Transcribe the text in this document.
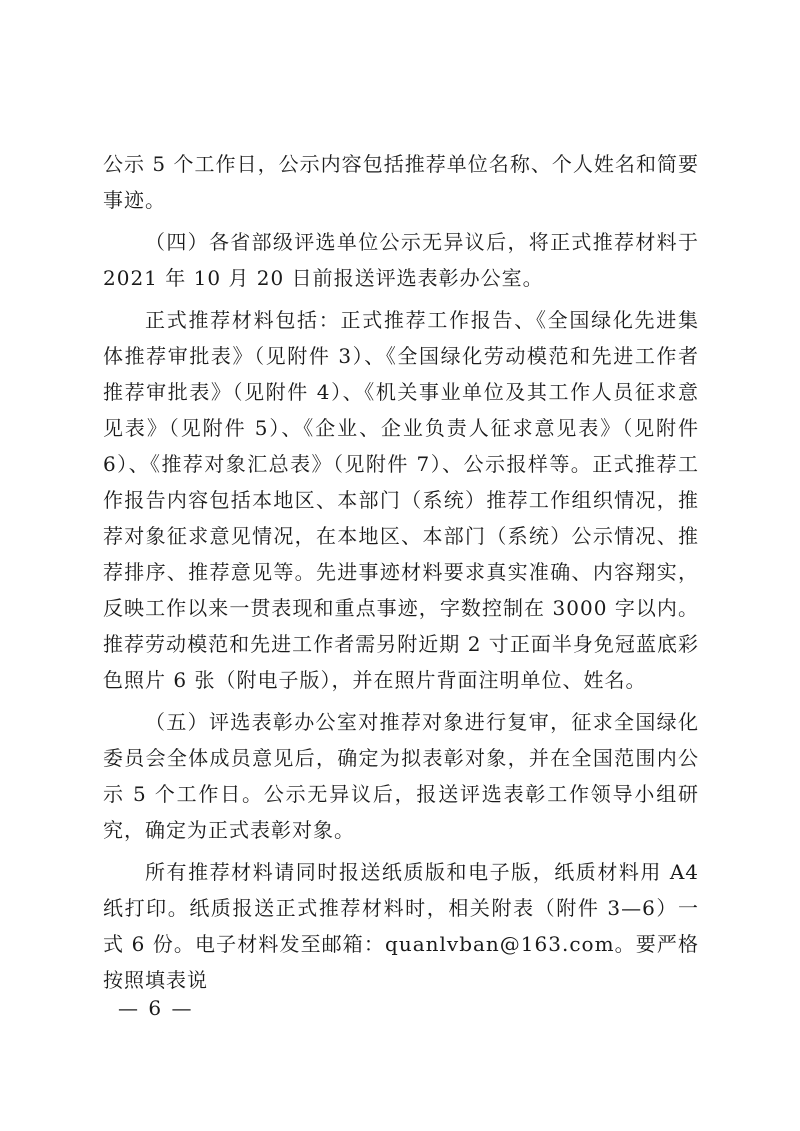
公示 5 个工作日，公示内容包括推荐单位名称、个人姓名和简要事迹。

（四）各省部级评选单位公示无异议后，将正式推荐材料于 2021 年 10 月 20 日前报送评选表彰办公室。

正式推荐材料包括：正式推荐工作报告、《全国绿化先进集体推荐审批表》（见附件 3）、《全国绿化劳动模范和先进工作者推荐审批表》（见附件 4）、《机关事业单位及其工作人员征求意见表》（见附件 5）、《企业、企业负责人征求意见表》（见附件 6）、《推荐对象汇总表》（见附件 7）、公示报样等。正式推荐工作报告内容包括本地区、本部门（系统）推荐工作组织情况，推荐对象征求意见情况，在本地区、本部门（系统）公示情况、推荐排序、推荐意见等。先进事迹材料要求真实准确、内容翔实，反映工作以来一贯表现和重点事迹，字数控制在 3000 字以内。推荐劳动模范和先进工作者需另附近期 2 寸正面半身免冠蓝底彩色照片 6 张（附电子版），并在照片背面注明单位、姓名。

（五）评选表彰办公室对推荐对象进行复审，征求全国绿化委员会全体成员意见后，确定为拟表彰对象，并在全国范围内公示 5 个工作日。公示无异议后，报送评选表彰工作领导小组研究，确定为正式表彰对象。

所有推荐材料请同时报送纸质版和电子版，纸质材料用 A4 纸打印。纸质报送正式推荐材料时，相关附表（附件 3—6）一式 6 份。电子材料发至邮箱：quanlvban@163.com。要严格按照填表说

— 6 —
